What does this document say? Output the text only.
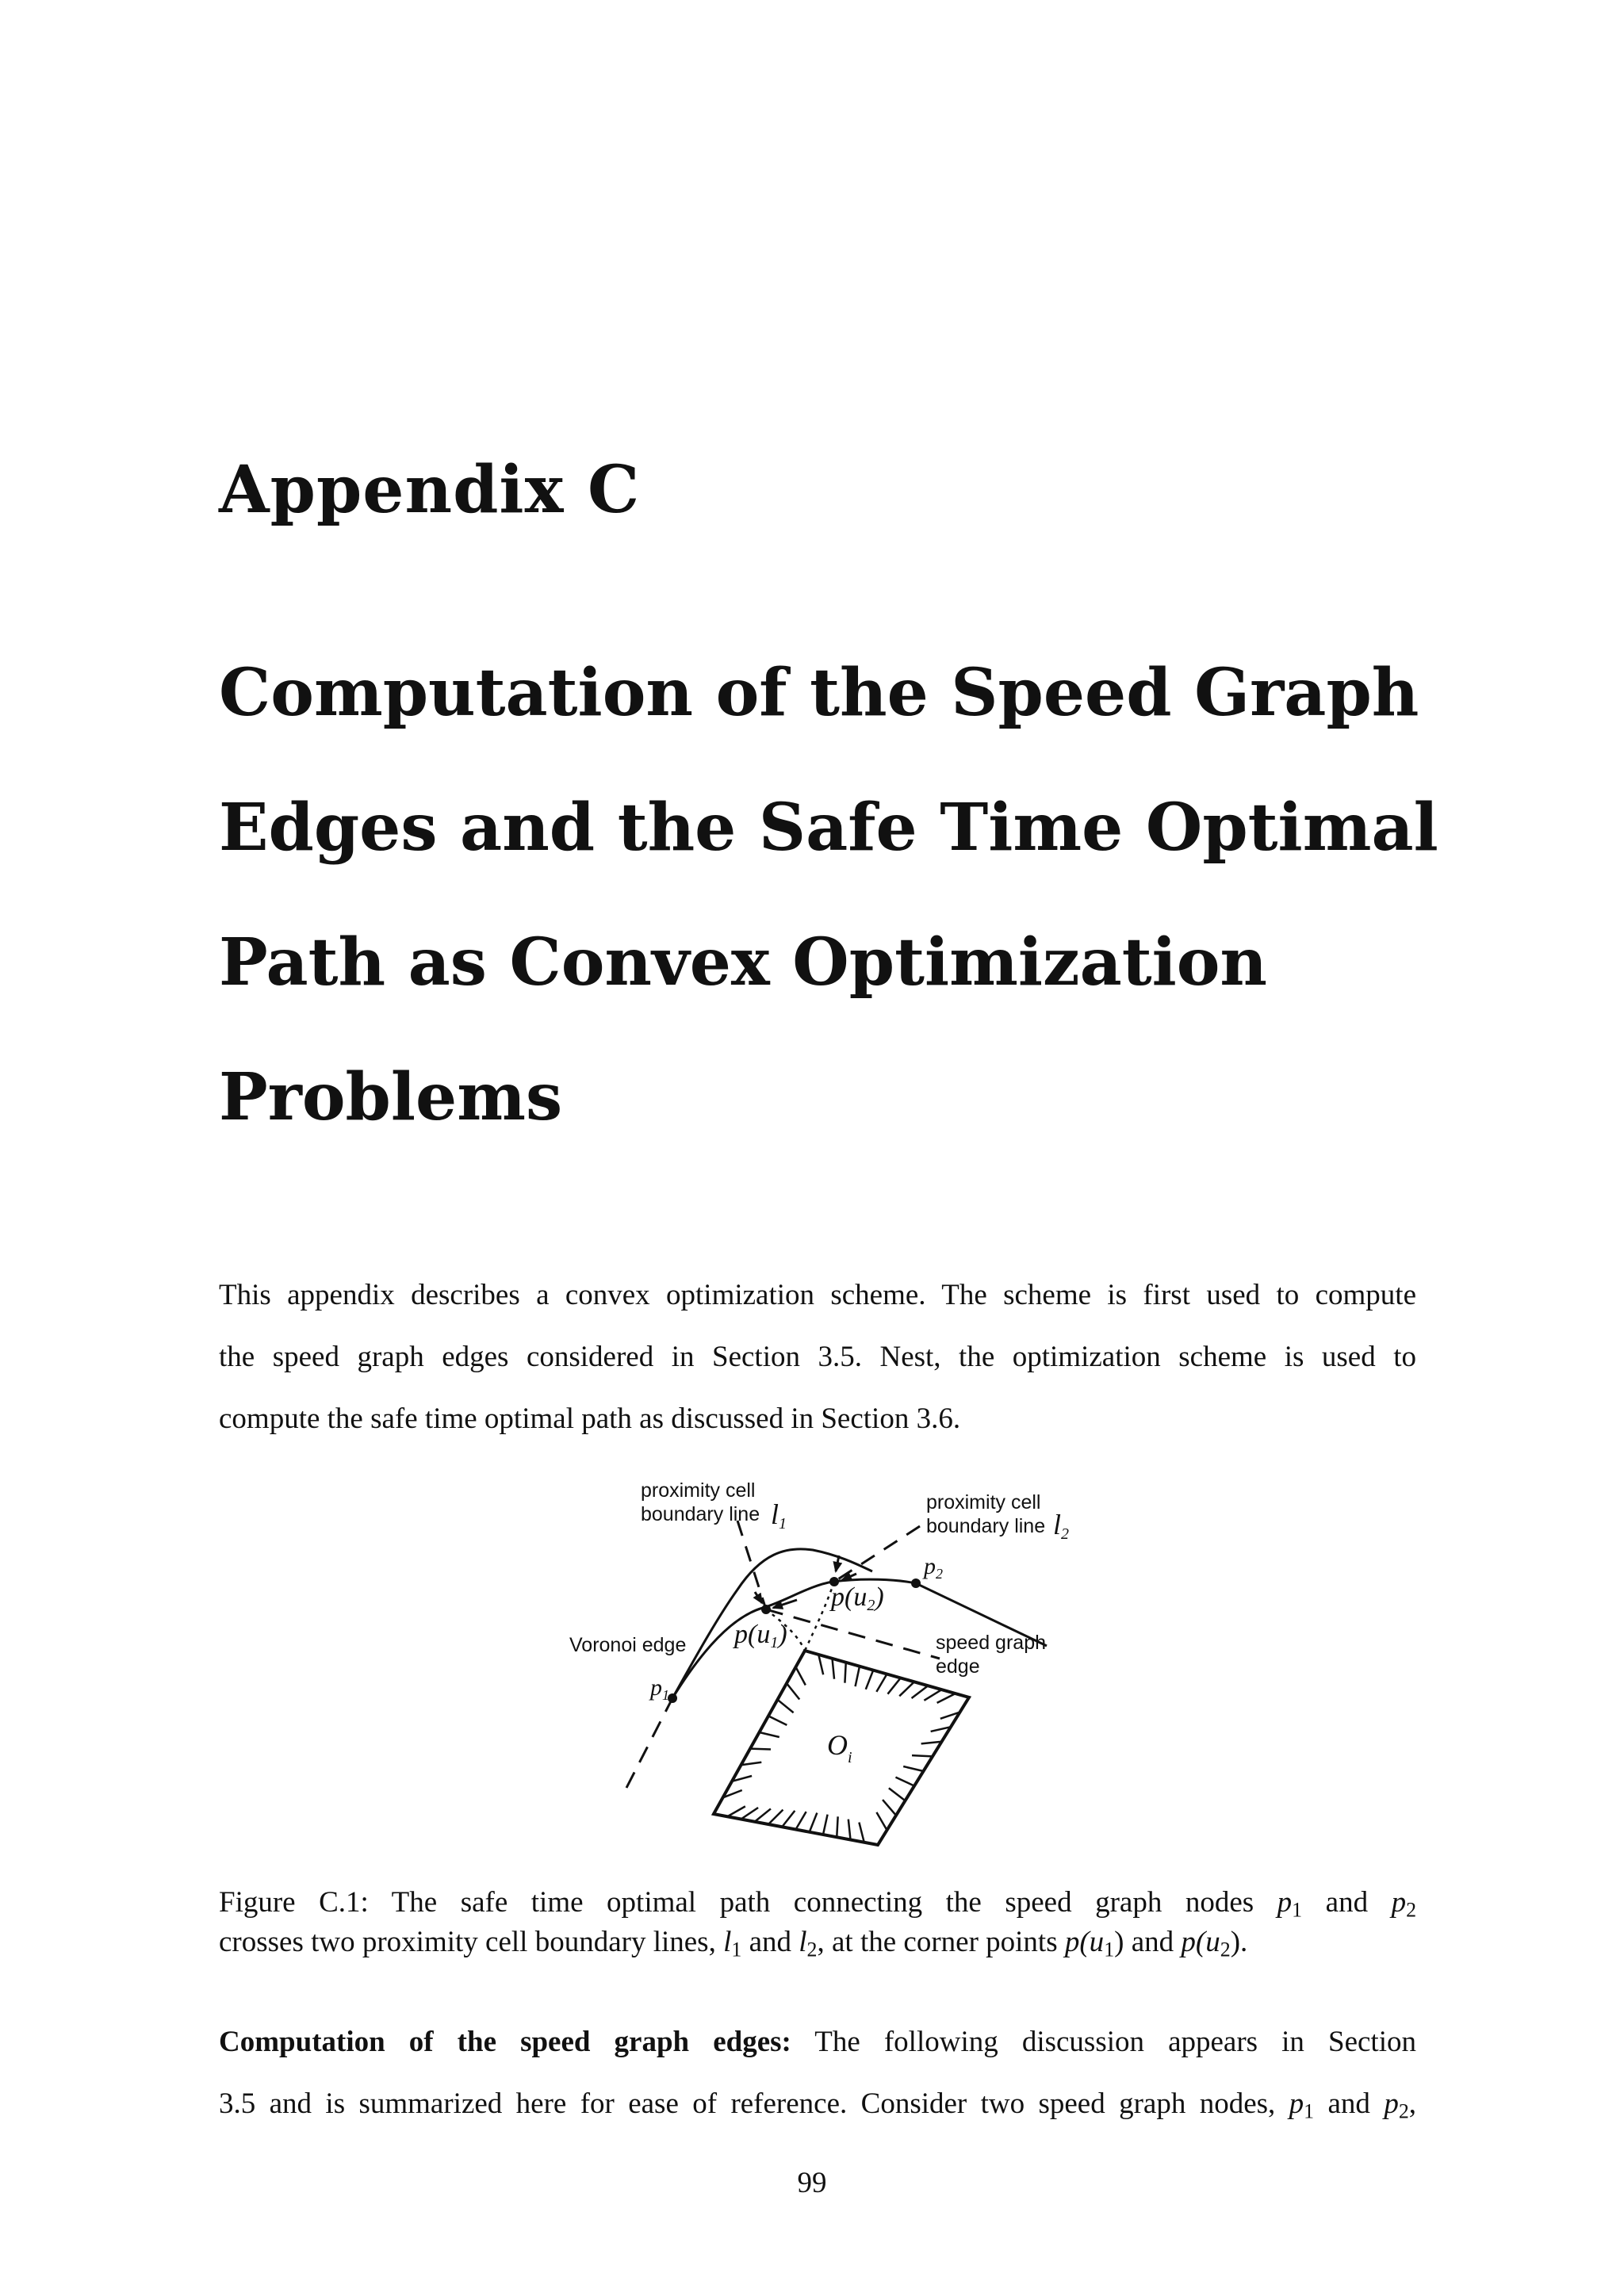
Appendix C
Computation of the Speed Graph
Edges and the Safe Time Optimal
Path as Convex Optimization
Problems
This appendix describes a convex optimization scheme. The scheme is first used to compute
the speed graph edges considered in Section 3.5. Nest, the optimization scheme is used to
compute the safe time optimal path as discussed in Section 3.6.
proximity cell
boundary line l1
proximity cell
boundary line l2
$p_2$
p(u2)
p(u1)
Voronoi edge	speed graph
edge
$p_1$
$O_i$
Figure C.1: The safe time optimal path connecting the speed graph nodes $p_1$ and $p_2$
crosses two proximity cell boundary lines, $l_1$ and $l_2$, at the corner points $p(u_1)$ and $p(u_2)$.
Computation of the speed graph edges: The following discussion appears in Section
3.5 and is summarized here for ease of reference. Consider two speed graph nodes, $p_1$ and $p_2$,
99
